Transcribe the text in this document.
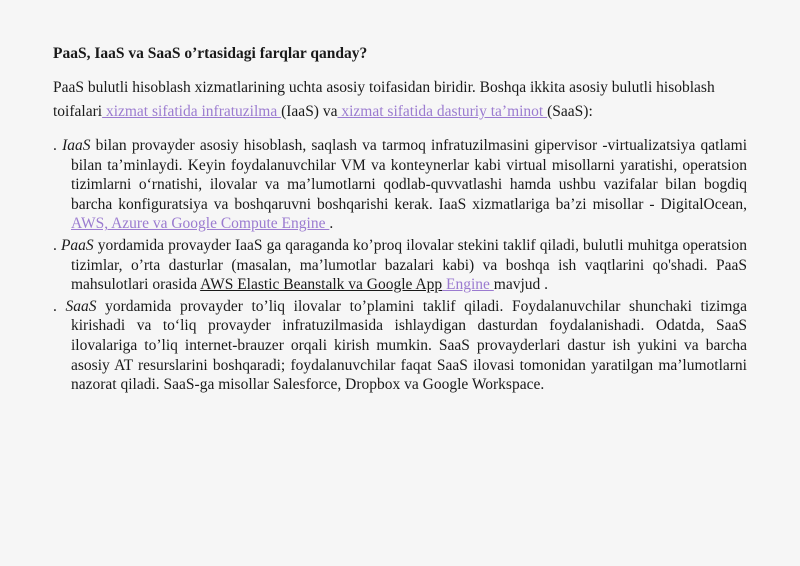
PaaS, IaaS va SaaS o’rtasidagi farqlar qanday?
PaaS bulutli hisoblash xizmatlarining uchta asosiy toifasidan biridir. Boshqa ikkita asosiy bulutli hisoblash toifalari xizmat sifatida infratuzilma (IaaS) va xizmat sifatida dasturiy ta’minot (SaaS):

. IaaS bilan provayder asosiy hisoblash, saqlash va tarmoq infratuzilmasini gipervisor -virtualizatsiya qatlami bilan ta’minlaydi. Keyin foydalanuvchilar VM va konteynerlar kabi virtual misollarni yaratishi, operatsion tizimlarni o‘rnatishi, ilovalar va ma’lumotlarni qodlab-quvvatlashi hamda ushbu vazifalar bilan bogdiq barcha konfiguratsiya va boshqaruvni boshqarishi kerak. IaaS xizmatlariga ba’zi misollar - DigitalOcean, AWS, Azure va Google Compute Engine .

. PaaS yordamida provayder IaaS ga qaraganda ko’proq ilovalar stekini taklif qiladi, bulutli muhitga operatsion tizimlar, o’rta dasturlar (masalan, ma’lumotlar bazalari kabi) va boshqa ish vaqtlarini qo'shadi. PaaS mahsulotlari orasida AWS Elastic Beanstalk va Google App Engine mavjud .

. SaaS yordamida provayder to’liq ilovalar to’plamini taklif qiladi. Foydalanuvchilar shunchaki tizimga kirishadi va to‘liq provayder infratuzilmasida ishlaydigan dasturdan foydalanishadi. Odatda, SaaS ilovalariga to’liq internet-brauzer orqali kirish mumkin. SaaS provayderlari dastur ish yukini va barcha asosiy AT resurslarini boshqaradi; foydalanuvchilar faqat SaaS ilovasi tomonidan yaratilgan ma’lumotlarni nazorat qiladi. SaaS-ga misollar Salesforce, Dropbox va Google Workspace.
